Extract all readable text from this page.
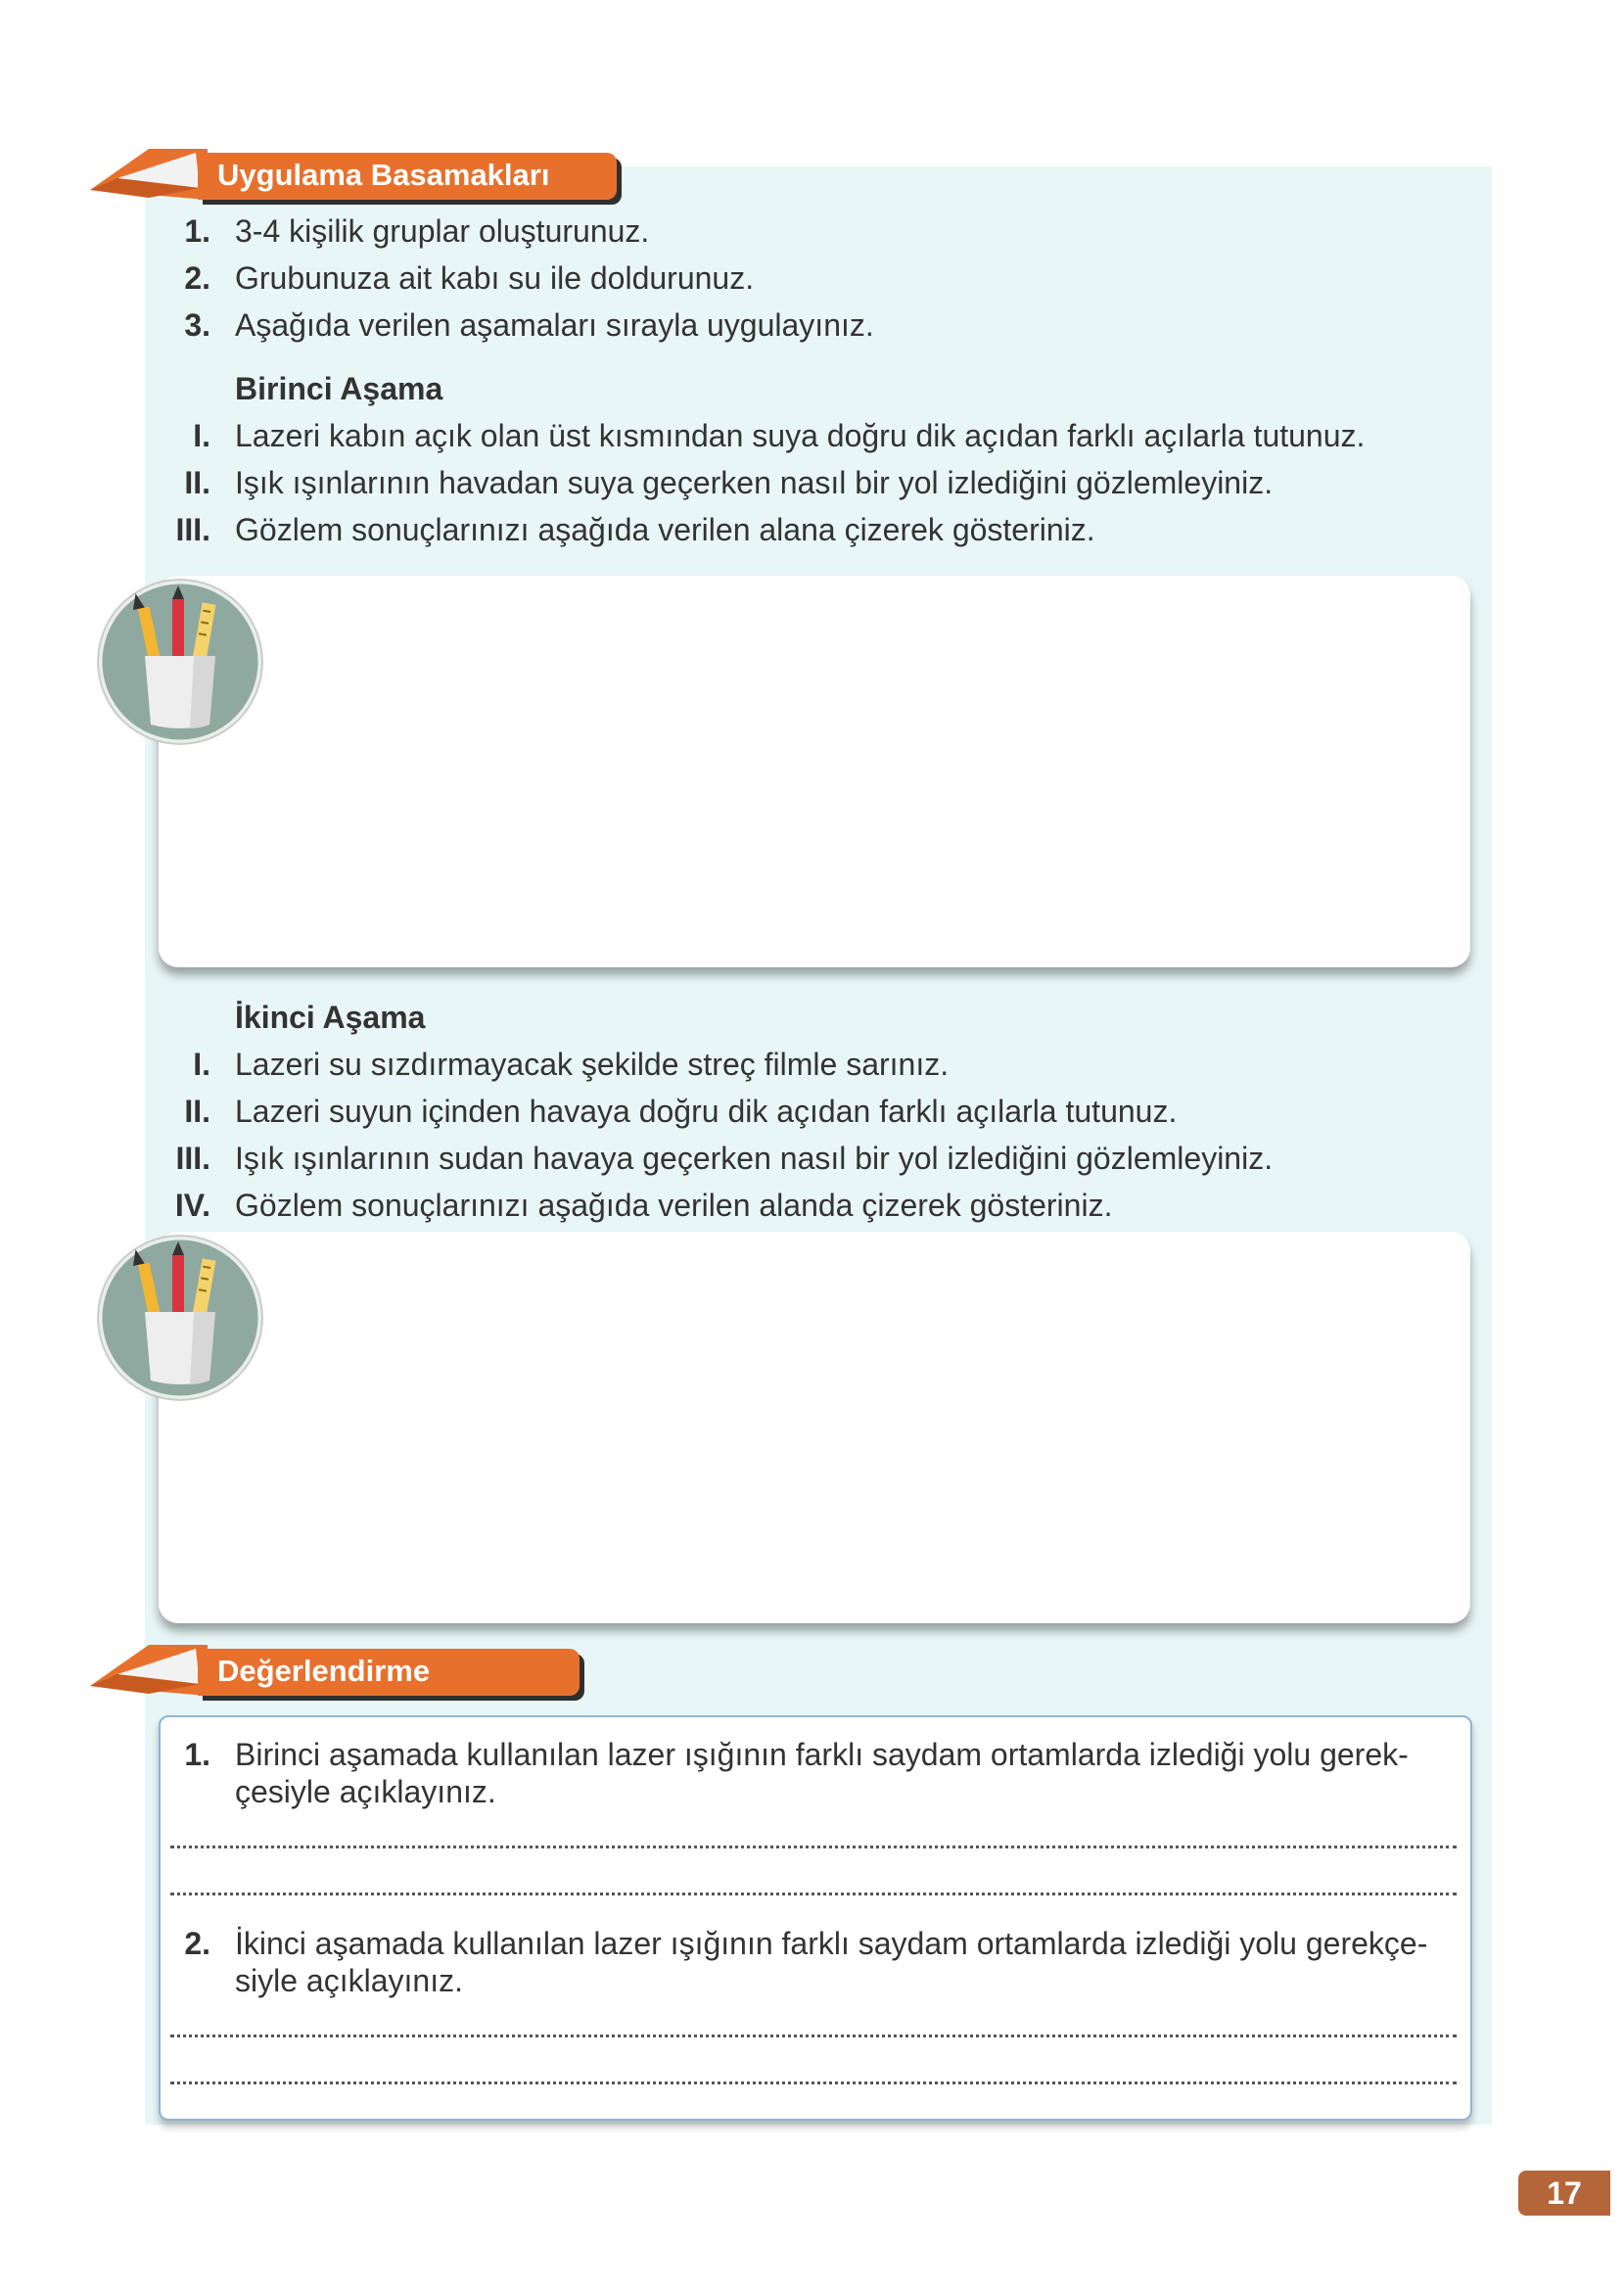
Uygulama Basamakları
1. 3-4 kişilik gruplar oluşturunuz.
2. Grubunuza ait kabı su ile doldurunuz.
3. Aşağıda verilen aşamaları sırayla uygulayınız.
Birinci Aşama
I. Lazeri kabın açık olan üst kısmından suya doğru dik açıdan farklı açılarla tutunuz.
II. Işık ışınlarının havadan suya geçerken nasıl bir yol izlediğini gözlemleyiniz.
III. Gözlem sonuçlarınızı aşağıda verilen alana çizerek gösteriniz.
İkinci Aşama
I. Lazeri su sızdırmayacak şekilde streç filmle sarınız.
II. Lazeri suyun içinden havaya doğru dik açıdan farklı açılarla tutunuz.
III. Işık ışınlarının sudan havaya geçerken nasıl bir yol izlediğini gözlemleyiniz.
IV. Gözlem sonuçlarınızı aşağıda verilen alanda çizerek gösteriniz.
Değerlendirme
1. Birinci aşamada kullanılan lazer ışığının farklı saydam ortamlarda izlediği yolu gerek-
çesiyle açıklayınız.
2. İkinci aşamada kullanılan lazer ışığının farklı saydam ortamlarda izlediği yolu gerekçe-
siyle açıklayınız.
17
